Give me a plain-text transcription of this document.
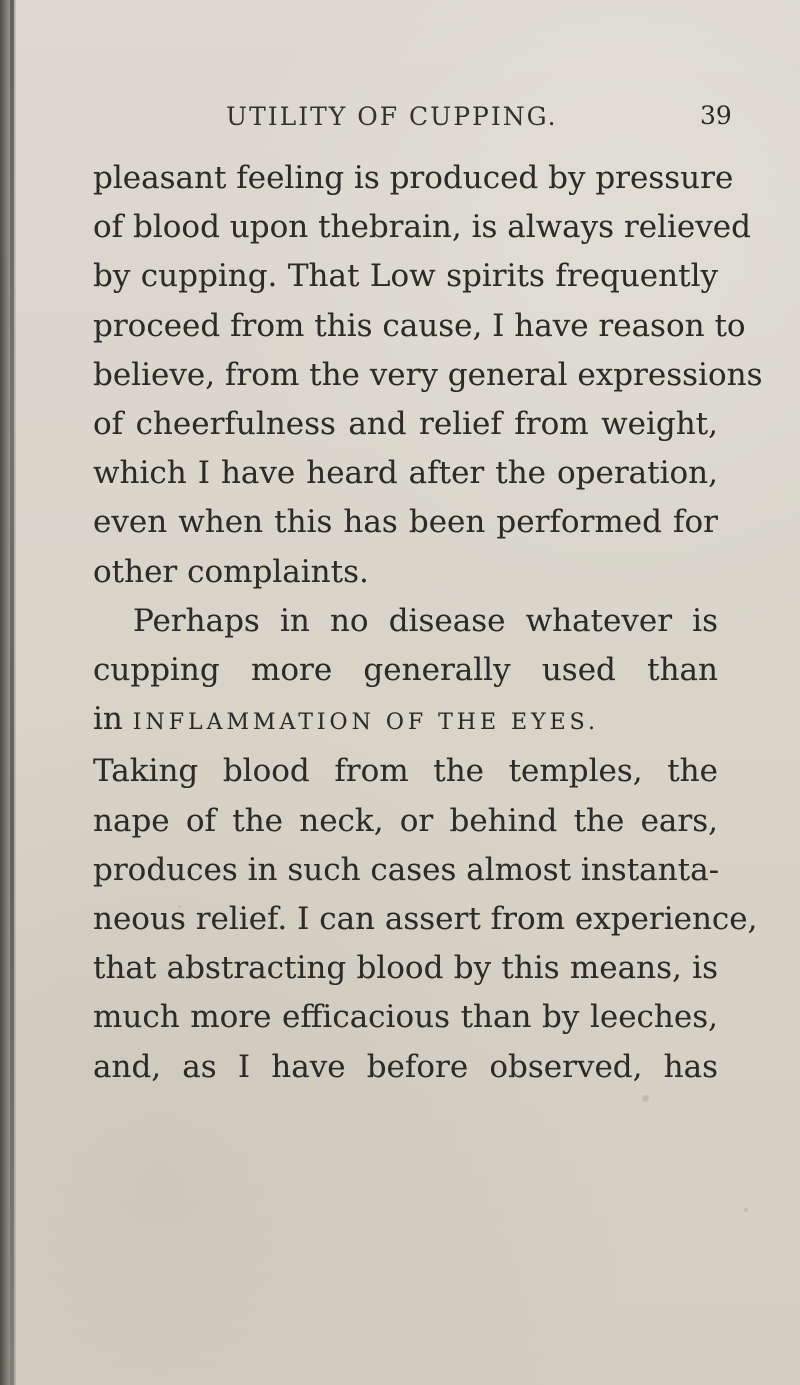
UTILITY OF CUPPING.	39
pleasant feeling is produced by pressure
of blood upon thebrain, is always relieved
by cupping. That Low spirits frequently
proceed from this cause, I have reason to
believe, from the very general expressions
of cheerfulness and relief from weight,
which I have heard after the operation,
even when this has been performed for
other complaints.
Perhaps in no disease whatever is
cupping more generally used than
in INFLAMMATION OF THE EYES.
Taking blood from the temples, the
nape of the neck, or behind the ears,
produces in such cases almost instanta-
neous relief. I can assert from experience,
that abstracting blood by this means, is
much more efficacious than by leeches,
and, as I have before observed, has
